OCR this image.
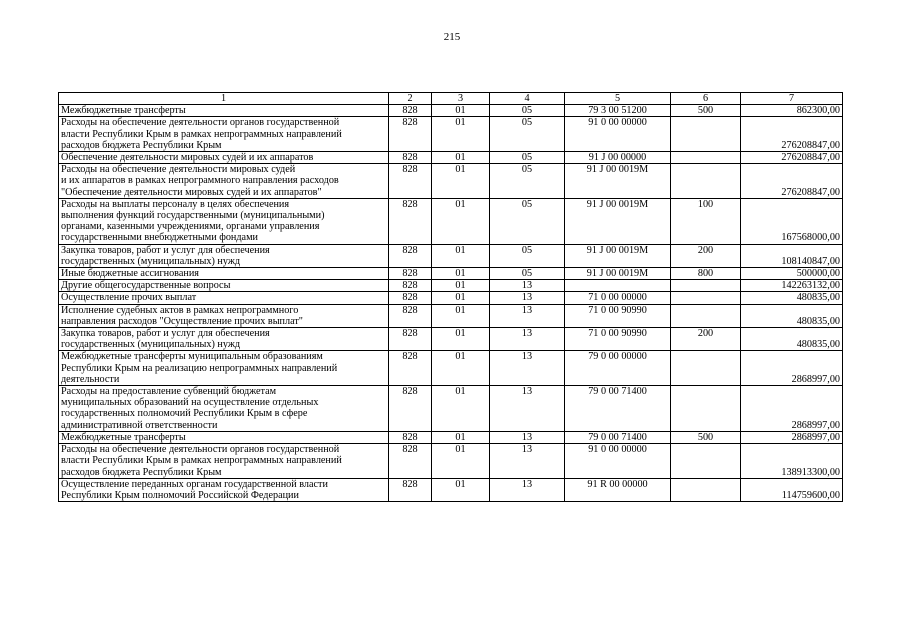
215
1	2	3	4	5	6	7
Межбюджетные трансферты	828	01	05	79 3 00 51200	500	862300,00
Расходы на обеспечение деятельности органов государственной
власти Республики Крым в рамках непрограммных направлений
расходов бюджета Республики Крым	828	01	05	91 0 00 00000		276208847,00
Обеспечение деятельности мировых судей и их аппаратов	828	01	05	91 J 00 00000		276208847,00
Расходы на обеспечение деятельности мировых судей
и их аппаратов в рамках непрограммного направления расходов
"Обеспечение деятельности мировых судей и их аппаратов"	828	01	05	91 J 00 0019M		276208847,00
Расходы на выплаты персоналу в целях обеспечения
выполнения функций государственными (муниципальными)
органами, казенными учреждениями, органами управления
государственными внебюджетными фондами	828	01	05	91 J 00 0019M	100	167568000,00
Закупка товаров, работ и услуг для обеспечения
государственных (муниципальных) нужд	828	01	05	91 J 00 0019M	200	108140847,00
Иные бюджетные ассигнования	828	01	05	91 J 00 0019M	800	500000,00
Другие общегосударственные вопросы	828	01	13			142263132,00
Осуществление прочих выплат	828	01	13	71 0 00 00000		480835,00
Исполнение судебных актов в рамках непрограммного
направления расходов "Осуществление прочих выплат"	828	01	13	71 0 00 90990		480835,00
Закупка товаров, работ и услуг для обеспечения
государственных (муниципальных) нужд	828	01	13	71 0 00 90990	200	480835,00
Межбюджетные трансферты муниципальным образованиям
Республики Крым на реализацию непрограммных направлений
деятельности	828	01	13	79 0 00 00000		2868997,00
Расходы на предоставление субвенций бюджетам
муниципальных образований на осуществление отдельных
государственных полномочий Республики Крым в сфере
административной ответственности	828	01	13	79 0 00 71400		2868997,00
Межбюджетные трансферты	828	01	13	79 0 00 71400	500	2868997,00
Расходы на обеспечение деятельности органов государственной
власти Республики Крым в рамках непрограммных направлений
расходов бюджета Республики Крым	828	01	13	91 0 00 00000		138913300,00
Осуществление переданных органам государственной власти
Республики Крым полномочий Российской Федерации	828	01	13	91 R 00 00000		114759600,00
